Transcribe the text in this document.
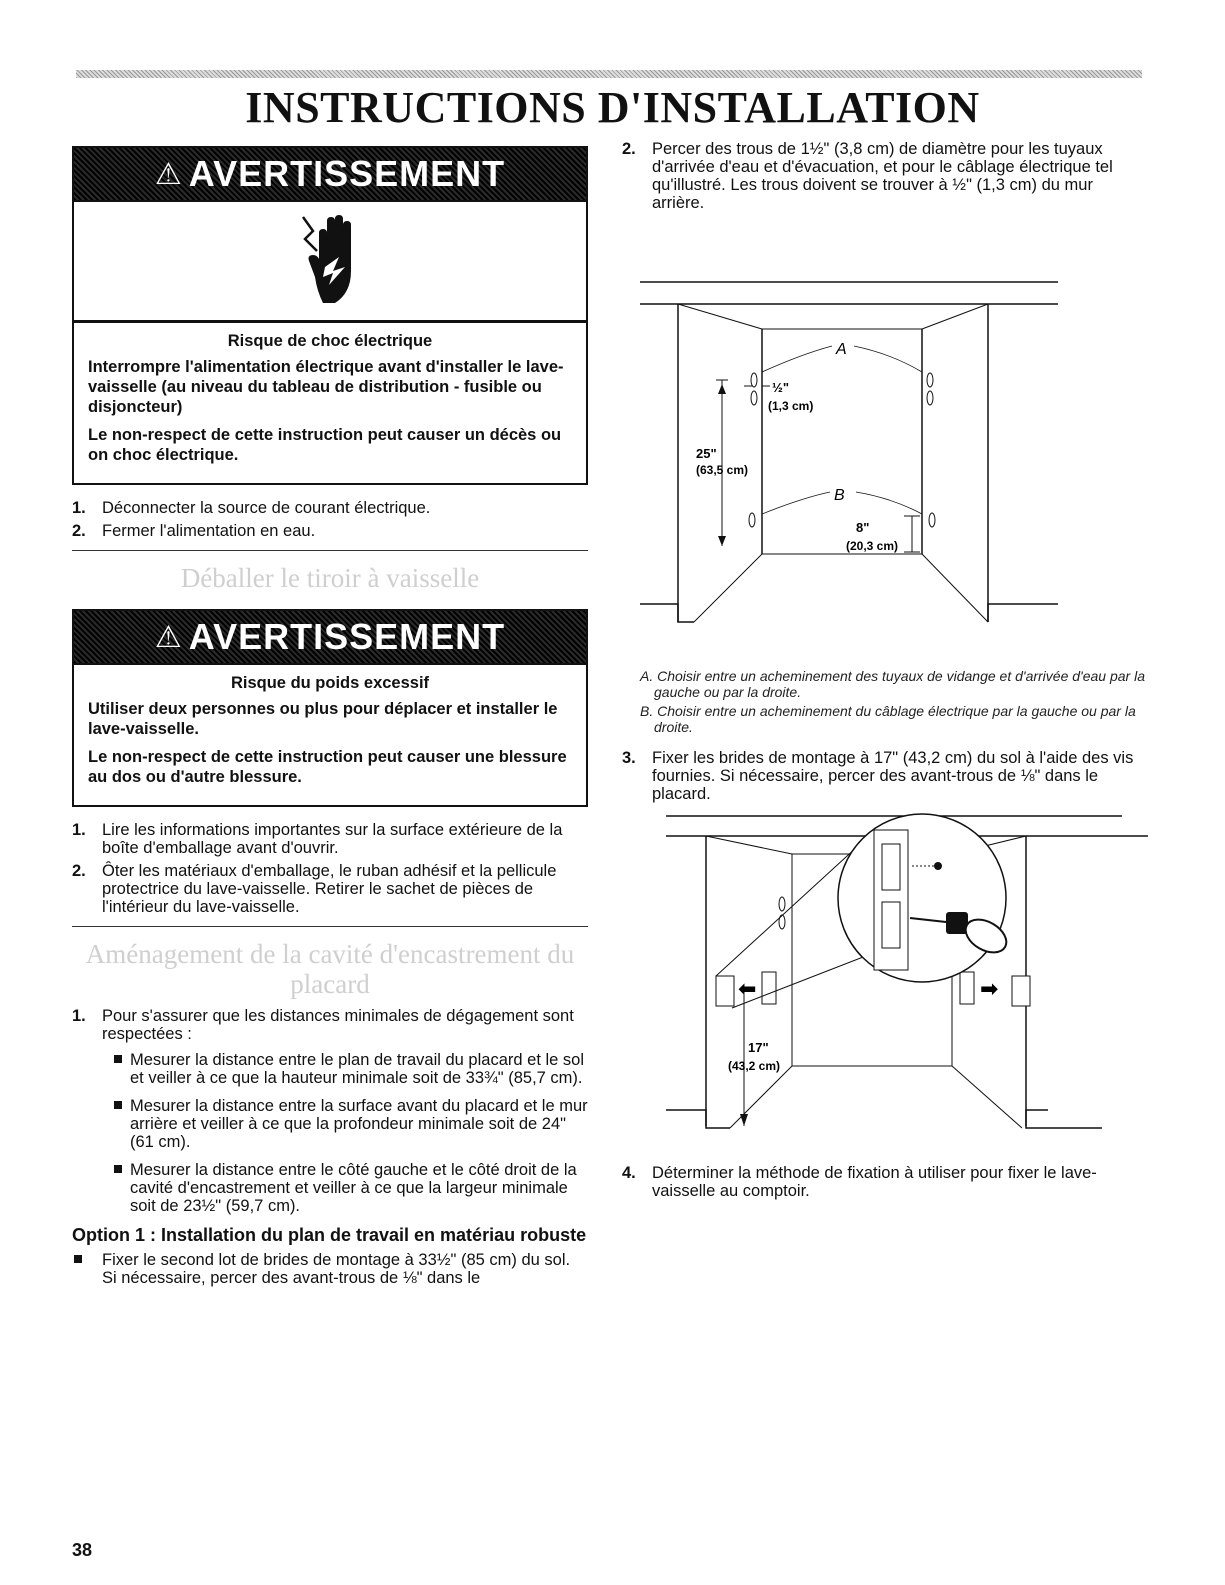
INSTRUCTIONS D'INSTALLATION
⚠ AVERTISSEMENT
Risque de choc électrique

Interrompre l'alimentation électrique avant d'installer le lave-vaisselle (au niveau du tableau de distribution - fusible ou disjoncteur)

Le non-respect de cette instruction peut causer un décès ou on choc électrique.

1. Déconnecter la source de courant électrique.
2. Fermer l'alimentation en eau.
Déballer le tiroir à vaisselle
⚠ AVERTISSEMENT
Risque du poids excessif

Utiliser deux personnes ou plus pour déplacer et installer le lave-vaisselle.

Le non-respect de cette instruction peut causer une blessure au dos ou d'autre blessure.

1. Lire les informations importantes sur la surface extérieure de la boîte d'emballage avant d'ouvrir.
2. Ôter les matériaux d'emballage, le ruban adhésif et la pellicule protectrice du lave-vaisselle. Retirer le sachet de pièces de l'intérieur du lave-vaisselle.
Aménagement de la cavité d'encastrement du placard
1. Pour s'assurer que les distances minimales de dégagement sont respectées :
Mesurer la distance entre le plan de travail du placard et le sol et veiller à ce que la hauteur minimale soit de 33¾" (85,7 cm).
Mesurer la distance entre la surface avant du placard et le mur arrière et veiller à ce que la profondeur minimale soit de 24" (61 cm).
Mesurer la distance entre le côté gauche et le côté droit de la cavité d'encastrement et veiller à ce que la largeur minimale soit de 23½" (59,7 cm).
Option 1 : Installation du plan de travail en matériau robuste
Fixer le second lot de brides de montage à 33½" (85 cm) du sol. Si nécessaire, percer des avant-trous de ⅛" dans le
2. Percer des trous de 1½" (3,8 cm) de diamètre pour les tuyaux d'arrivée d'eau et d'évacuation, et pour le câblage électrique tel qu'illustré. Les trous doivent se trouver à ½" (1,3 cm) du mur arrière.
A
B
½"
(1,3 cm)
25"
(63,5 cm)
8"
(20,3 cm)
A. Choisir entre un acheminement des tuyaux de vidange et d'arrivée d'eau par la gauche ou par la droite.
B. Choisir entre un acheminement du câblage électrique par la gauche ou par la droite.
3. Fixer les brides de montage à 17" (43,2 cm) du sol à l'aide des vis fournies. Si nécessaire, percer des avant-trous de ⅛" dans le placard.
⬅	➡
17"
(43,2 cm)
4. Déterminer la méthode de fixation à utiliser pour fixer le lave-vaisselle au comptoir.
38
